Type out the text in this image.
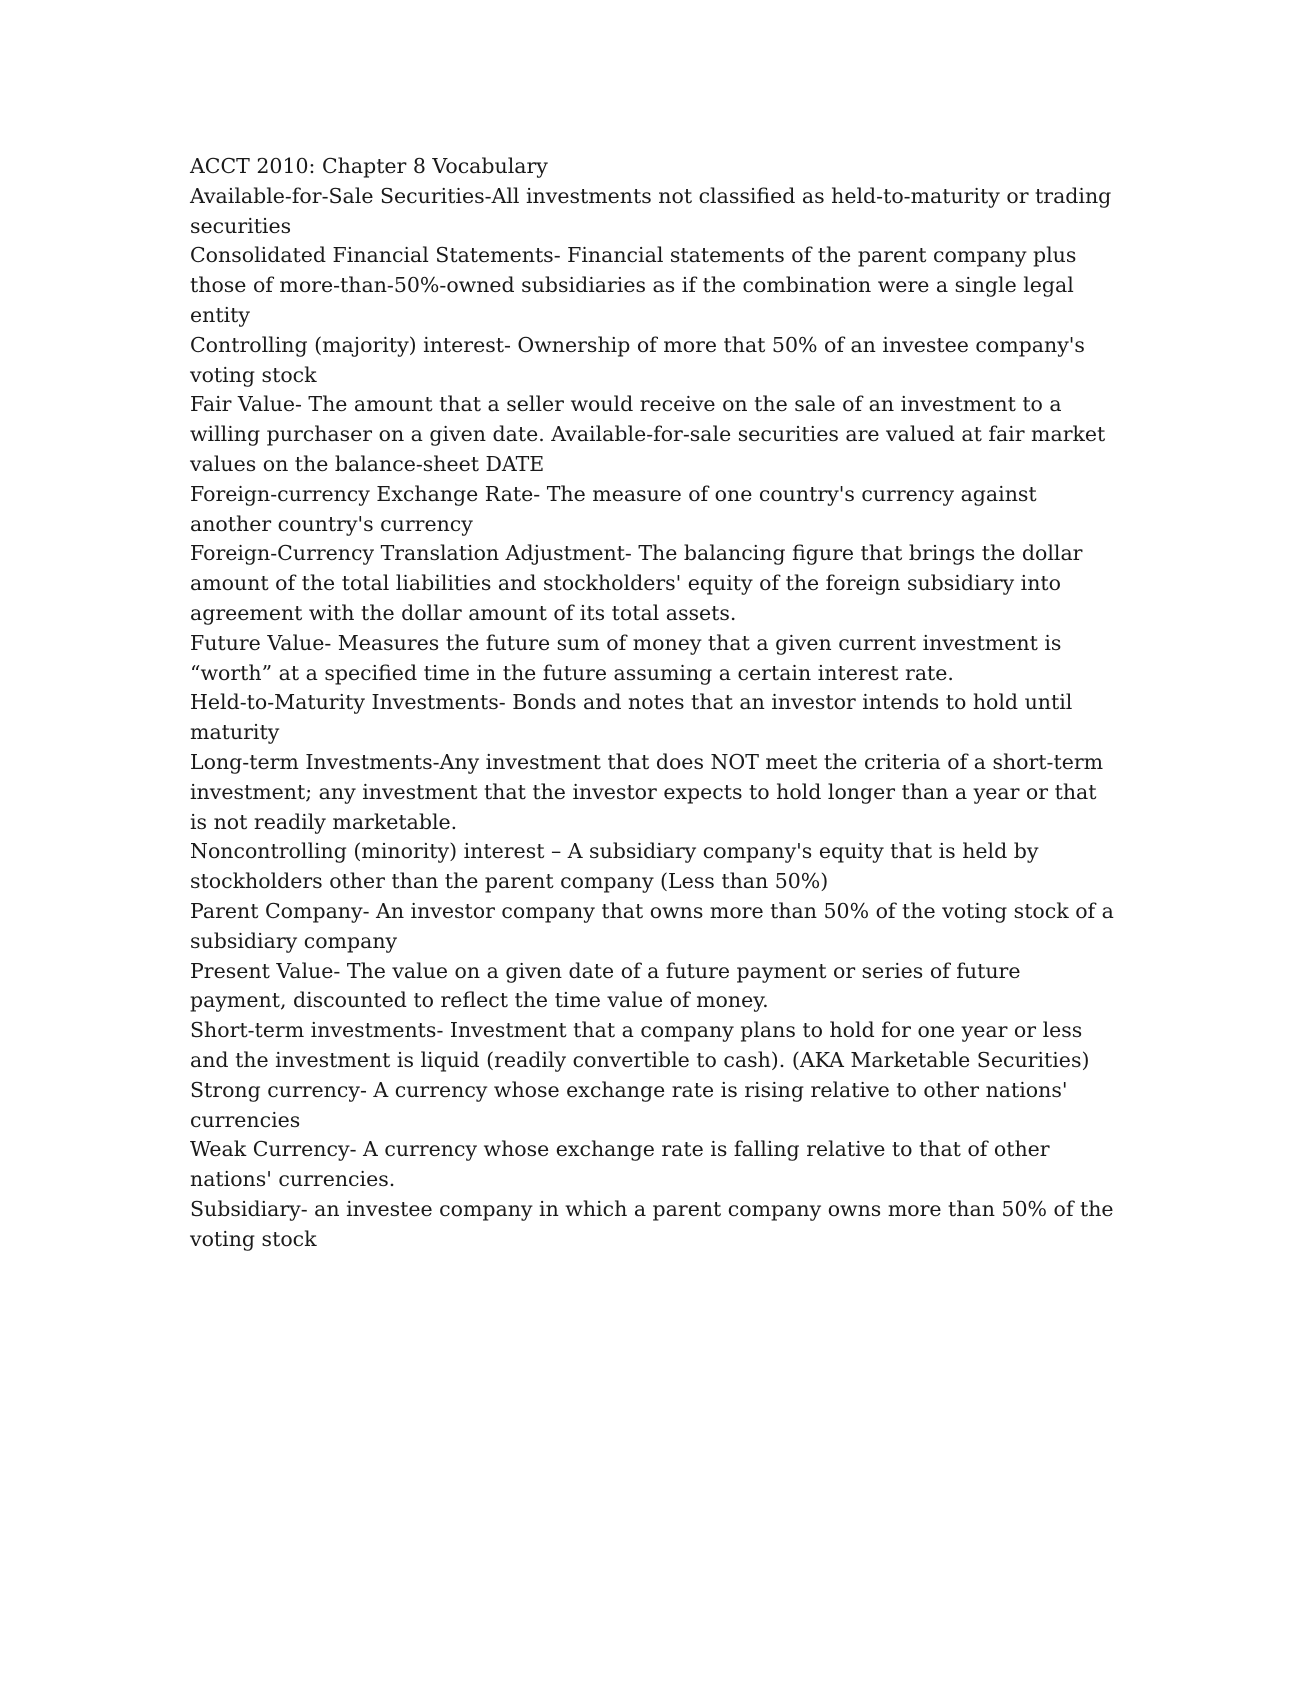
ACCT 2010: Chapter 8 Vocabulary

Available-for-Sale Securities-All investments not classified as held-to-maturity or trading securities

Consolidated Financial Statements- Financial statements of the parent company plus those of more-than-50%-owned subsidiaries as if the combination were a single legal entity

Controlling (majority) interest- Ownership of more that 50% of an investee company's voting stock

Fair Value- The amount that a seller would receive on the sale of an investment to a willing purchaser on a given date. Available-for-sale securities are valued at fair market values on the balance-sheet DATE

Foreign-currency Exchange Rate- The measure of one country's currency against another country's currency

Foreign-Currency Translation Adjustment- The balancing figure that brings the dollar amount of the total liabilities and stockholders' equity of the foreign subsidiary into agreement with the dollar amount of its total assets.

Future Value- Measures the future sum of money that a given current investment is “worth” at a specified time in the future assuming a certain interest rate.

Held-to-Maturity Investments- Bonds and notes that an investor intends to hold until maturity

Long-term Investments-Any investment that does NOT meet the criteria of a short-term investment; any investment that the investor expects to hold longer than a year or that is not readily marketable.

Noncontrolling (minority) interest – A subsidiary company's equity that is held by stockholders other than the parent company (Less than 50%)

Parent Company- An investor company that owns more than 50% of the voting stock of a subsidiary company

Present Value- The value on a given date of a future payment or series of future payment, discounted to reflect the time value of money.

Short-term investments- Investment that a company plans to hold for one year or less and the investment is liquid (readily convertible to cash). (AKA Marketable Securities)

Strong currency- A currency whose exchange rate is rising relative to other nations' currencies

Weak Currency- A currency whose exchange rate is falling relative to that of other nations' currencies.

Subsidiary- an investee company in which a parent company owns more than 50% of the voting stock
